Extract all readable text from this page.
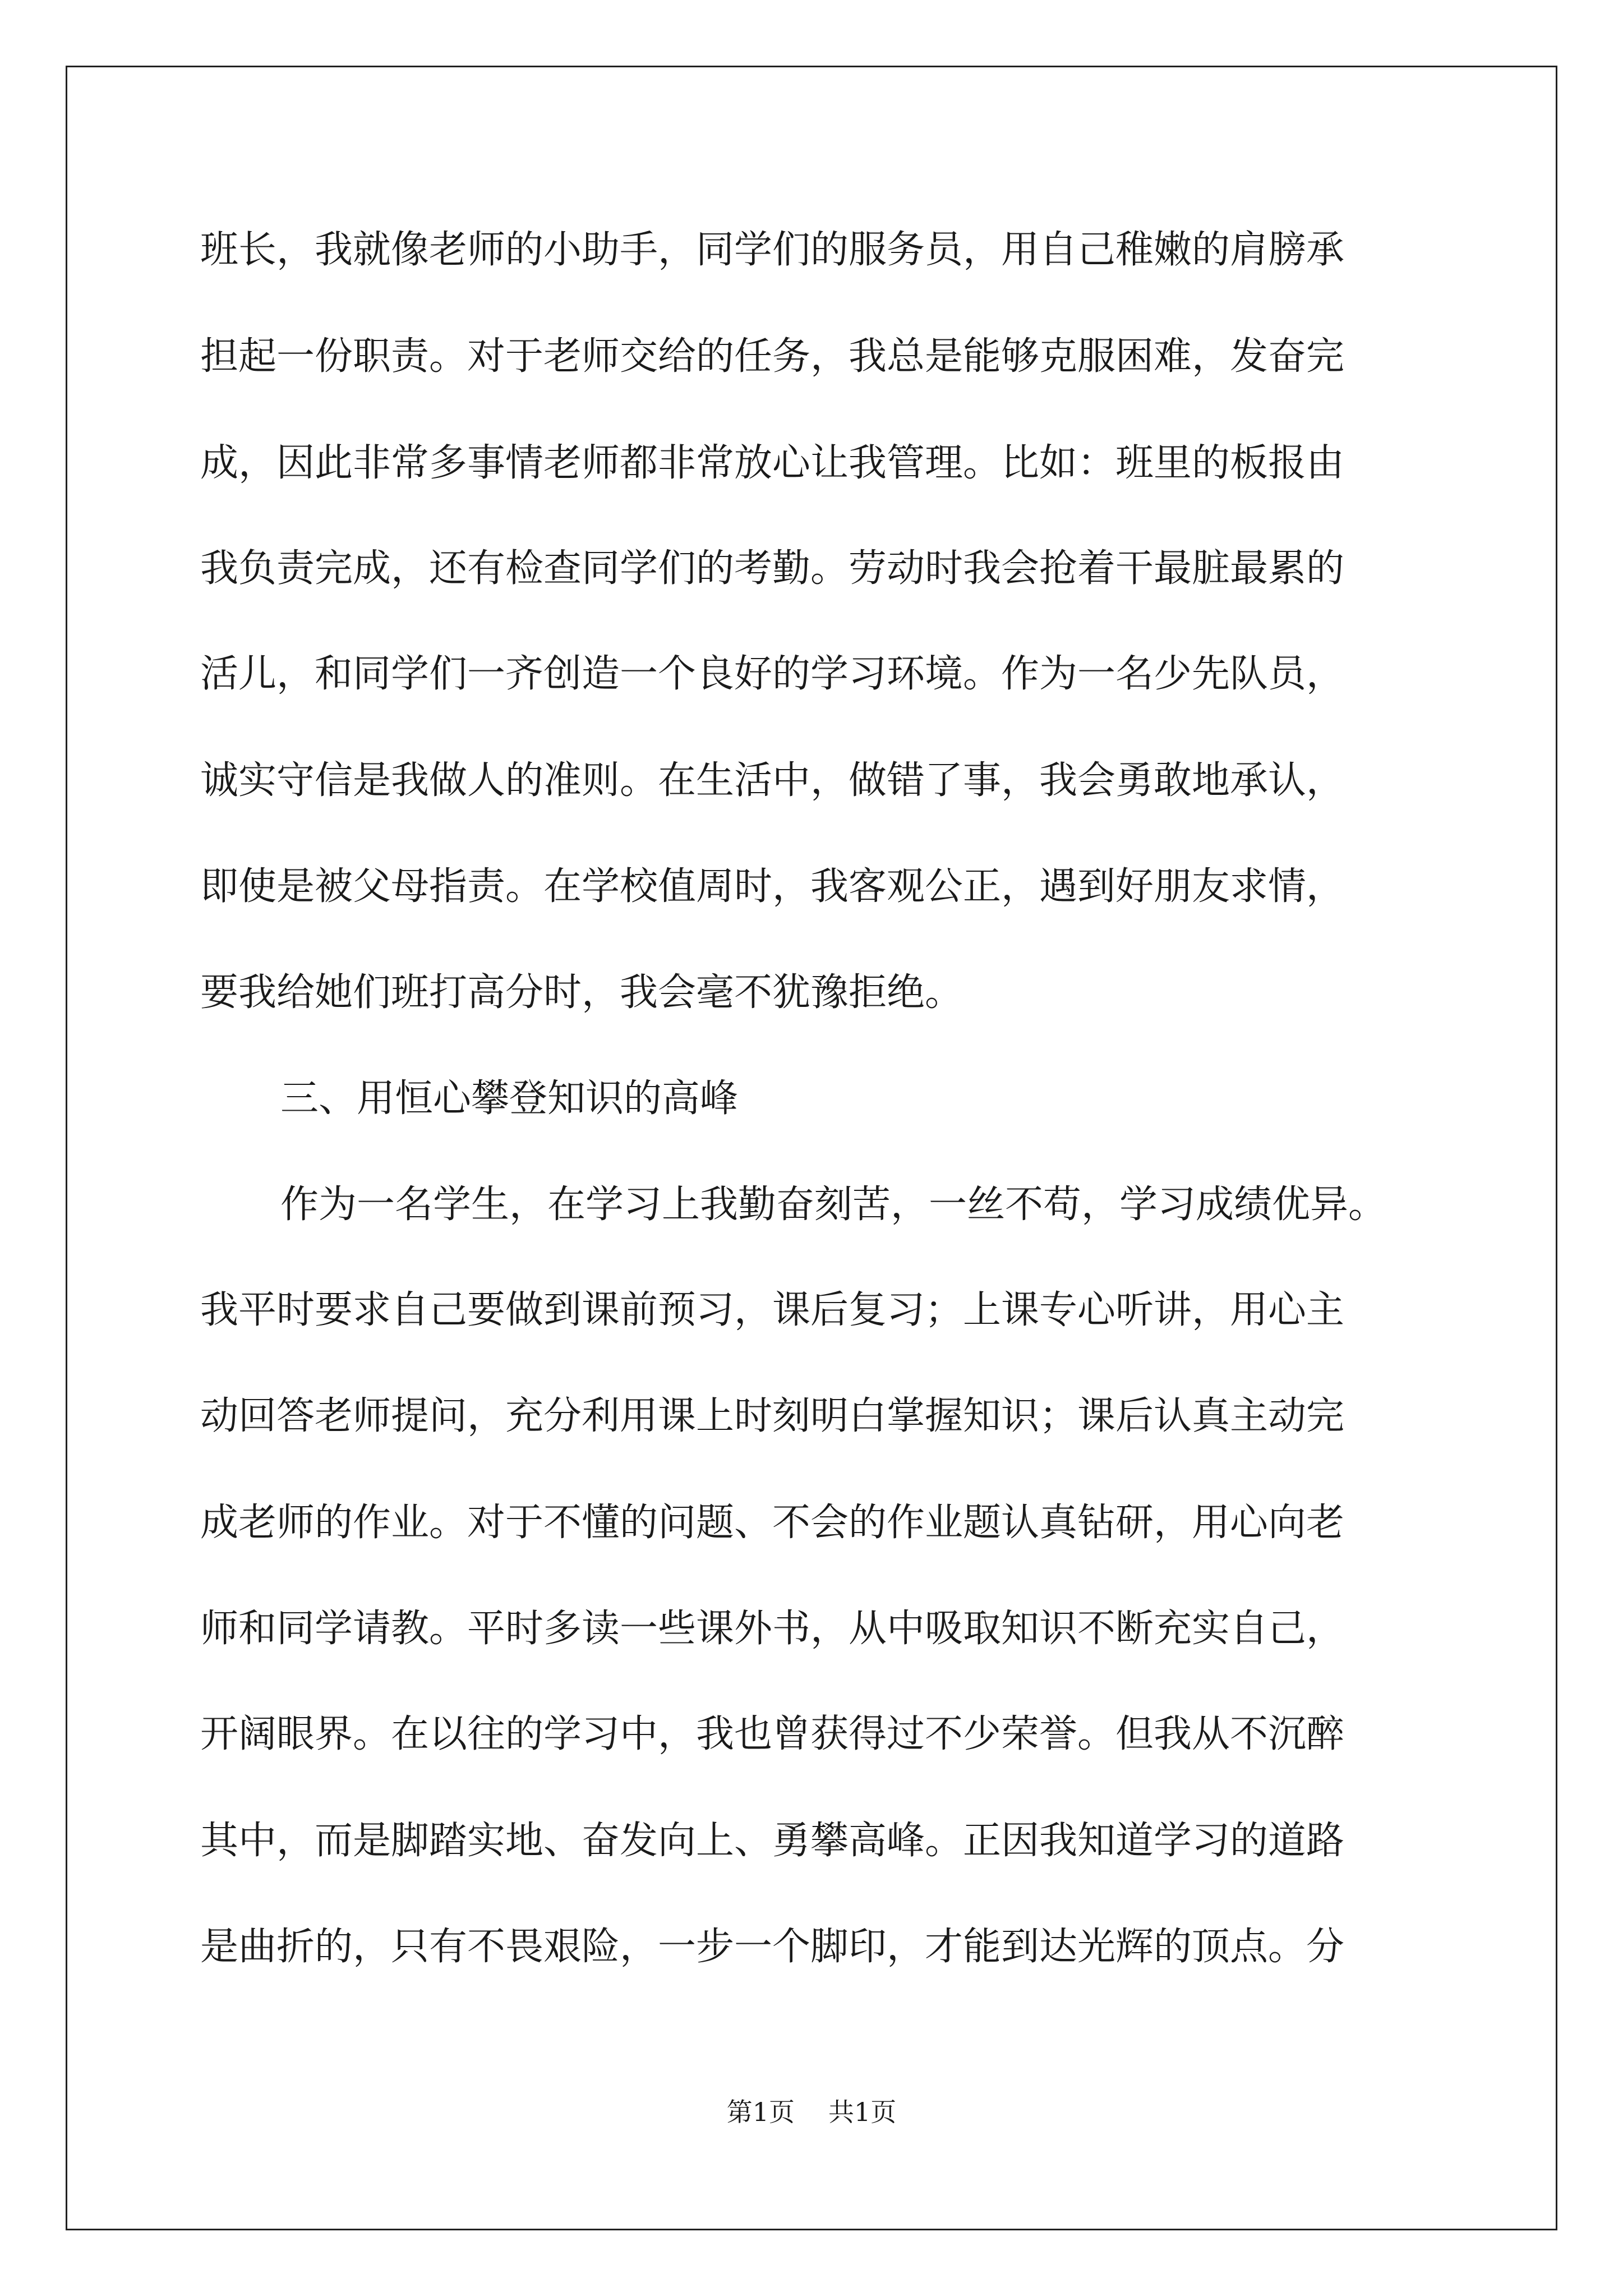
班长，我就像老师的小助手，同学们的服务员，用自己稚嫩的肩膀承
担起一份职责。对于老师交给的任务，我总是能够克服困难，发奋完
成，因此非常多事情老师都非常放心让我管理。比如：班里的板报由
我负责完成，还有检查同学们的考勤。劳动时我会抢着干最脏最累的
活儿，和同学们一齐创造一个良好的学习环境。作为一名少先队员，
诚实守信是我做人的准则。在生活中，做错了事，我会勇敢地承认，
即使是被父母指责。在学校值周时，我客观公正，遇到好朋友求情，
要我给她们班打高分时，我会毫不犹豫拒绝。
三、用恒心攀登知识的高峰
作为一名学生，在学习上我勤奋刻苦，一丝不苟，学习成绩优异。
我平时要求自己要做到课前预习，课后复习；上课专心听讲，用心主
动回答老师提问，充分利用课上时刻明白掌握知识；课后认真主动完
成老师的作业。对于不懂的问题、不会的作业题认真钻研，用心向老
师和同学请教。平时多读一些课外书，从中吸取知识不断充实自己，
开阔眼界。在以往的学习中，我也曾获得过不少荣誉。但我从不沉醉
其中，而是脚踏实地、奋发向上、勇攀高峰。正因我知道学习的道路
是曲折的，只有不畏艰险，一步一个脚印，才能到达光辉的顶点。分
第1页 共1页
